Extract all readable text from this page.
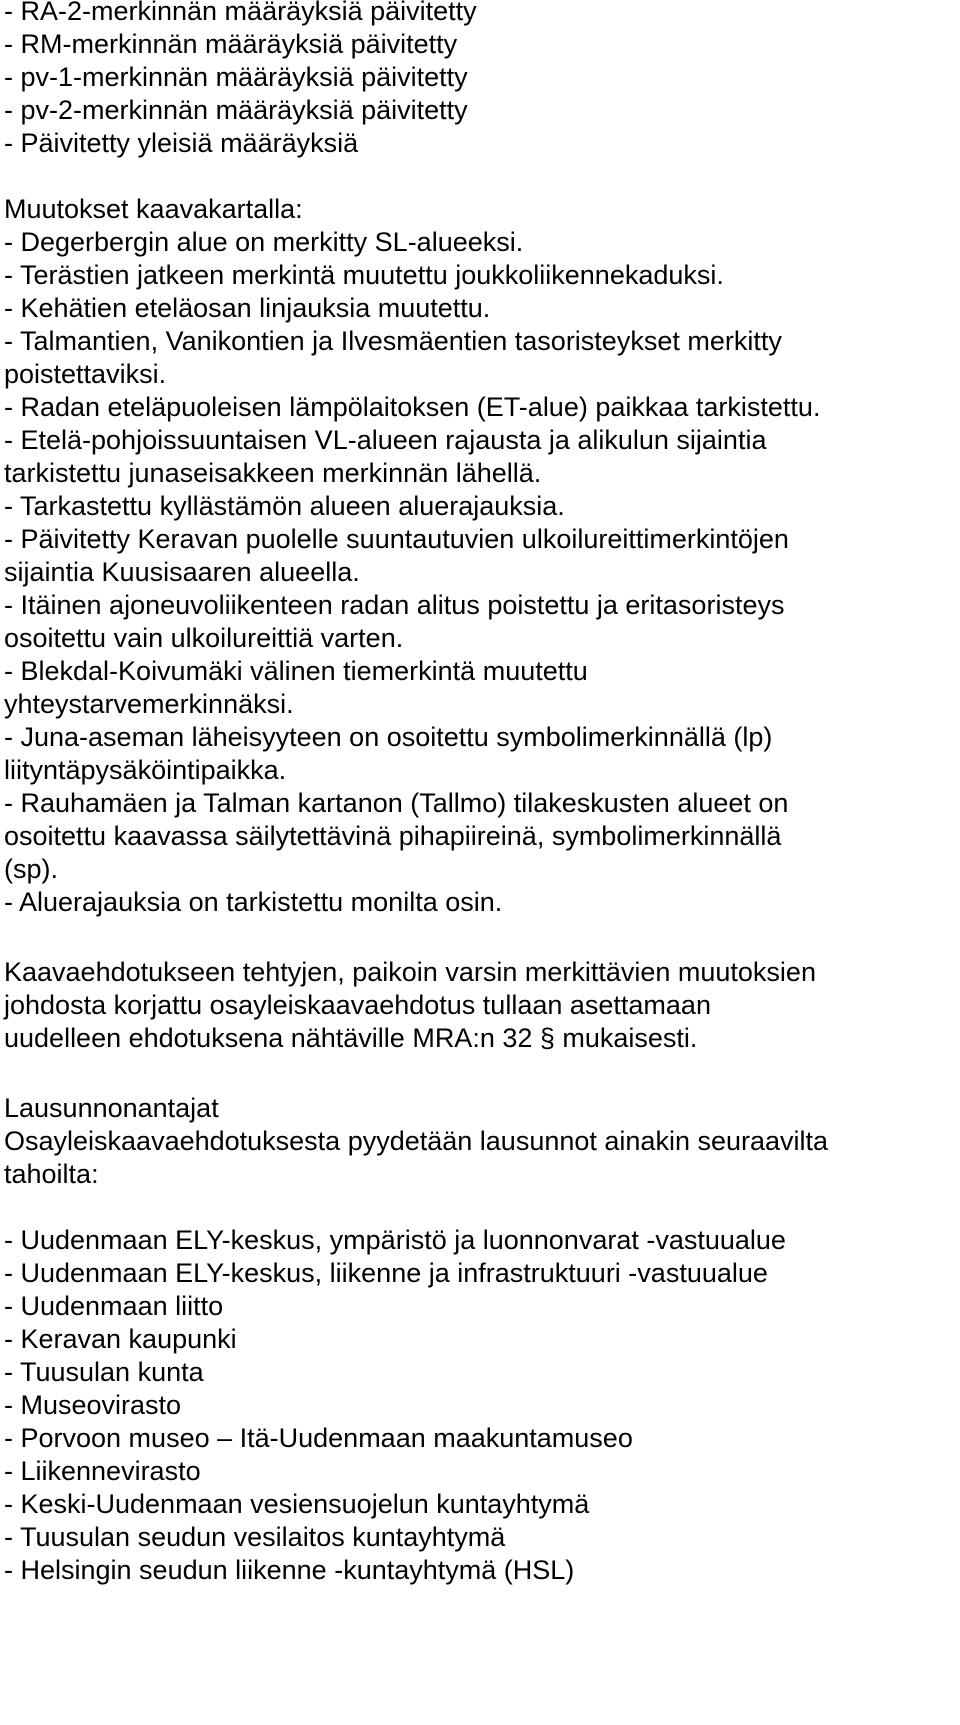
- RA-2-merkinnän määräyksiä päivitetty
- RM-merkinnän määräyksiä päivitetty
- pv-1-merkinnän määräyksiä päivitetty
- pv-2-merkinnän määräyksiä päivitetty
- Päivitetty yleisiä määräyksiä
Muutokset kaavakartalla:
- Degerbergin alue on merkitty SL-alueeksi.
- Terästien jatkeen merkintä muutettu joukkoliikennekaduksi.
- Kehätien eteläosan linjauksia muutettu.
- Talmantien, Vanikontien ja Ilvesmäentien tasoristeykset merkitty
poistettaviksi.
- Radan eteläpuoleisen lämpölaitoksen (ET-alue) paikkaa tarkistettu.
- Etelä-pohjoissuuntaisen VL-alueen rajausta ja alikulun sijaintia
tarkistettu junaseisakkeen merkinnän lähellä.
- Tarkastettu kyllästämön alueen aluerajauksia.
- Päivitetty Keravan puolelle suuntautuvien ulkoilureittimerkintöjen
sijaintia Kuusisaaren alueella.
- Itäinen ajoneuvoliikenteen radan alitus poistettu ja eritasoristeys
osoitettu vain ulkoilureittiä varten.
- Blekdal-Koivumäki välinen tiemerkintä muutettu
yhteystarvemerkinnäksi.
- Juna-aseman läheisyyteen on osoitettu symbolimerkinnällä (lp)
liityntäpysäköintipaikka.
- Rauhamäen ja Talman kartanon (Tallmo) tilakeskusten alueet on
osoitettu kaavassa säilytettävinä pihapiireinä, symbolimerkinnällä
(sp).
- Aluerajauksia on tarkistettu monilta osin.
Kaavaehdotukseen tehtyjen, paikoin varsin merkittävien muutoksien
johdosta korjattu osayleiskaavaehdotus tullaan asettamaan
uudelleen ehdotuksena nähtäville MRA:n 32 § mukaisesti.
Lausunnonantajat
Osayleiskaavaehdotuksesta pyydetään lausunnot ainakin seuraavilta
tahoilta:
- Uudenmaan ELY-keskus, ympäristö ja luonnonvarat -vastuualue
- Uudenmaan ELY-keskus, liikenne ja infrastruktuuri -vastuualue
- Uudenmaan liitto
- Keravan kaupunki
- Tuusulan kunta
- Museovirasto
- Porvoon museo – Itä-Uudenmaan maakuntamuseo
- Liikennevirasto
- Keski-Uudenmaan vesiensuojelun kuntayhtymä
- Tuusulan seudun vesilaitos kuntayhtymä
- Helsingin seudun liikenne -kuntayhtymä (HSL)
